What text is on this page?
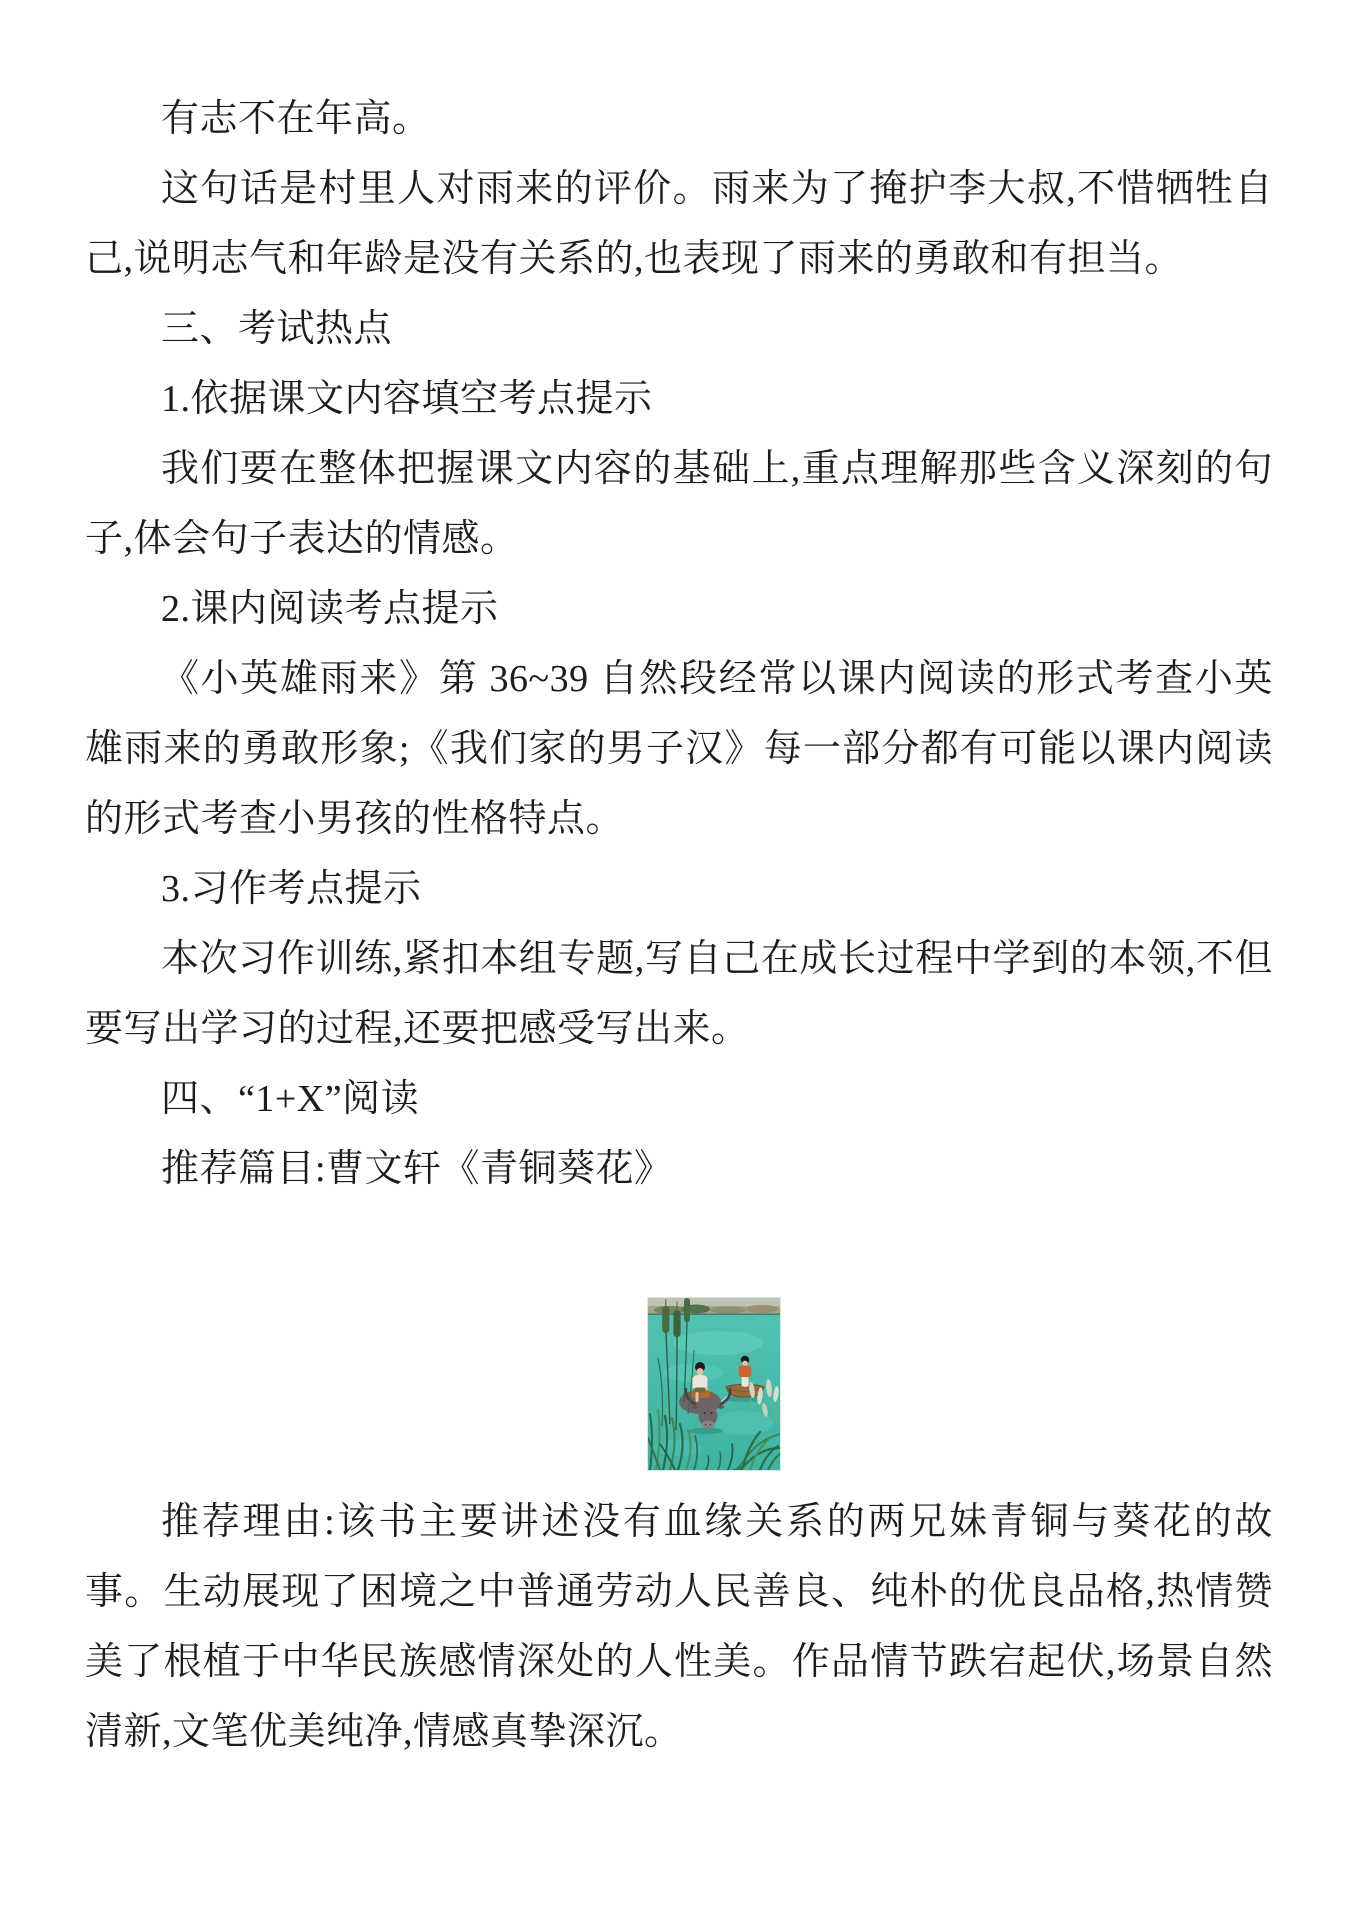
有志不在年高。

这句话是村里人对雨来的评价。雨来为了掩护李大叔,不惜牺牲自己,说明志气和年龄是没有关系的,也表现了雨来的勇敢和有担当。

三、考试热点

1.依据课文内容填空考点提示

我们要在整体把握课文内容的基础上,重点理解那些含义深刻的句子,体会句子表达的情感。

2.课内阅读考点提示

《小英雄雨来》第 36~39 自然段经常以课内阅读的形式考查小英雄雨来的勇敢形象;《我们家的男子汉》每一部分都有可能以课内阅读的形式考查小男孩的性格特点。

3.习作考点提示

本次习作训练,紧扣本组专题,写自己在成长过程中学到的本领,不但要写出学习的过程,还要把感受写出来。

四、“1+X”阅读

推荐篇目:曹文轩《青铜葵花》

推荐理由:该书主要讲述没有血缘关系的两兄妹青铜与葵花的故事。生动展现了困境之中普通劳动人民善良、纯朴的优良品格,热情赞美了根植于中华民族感情深处的人性美。作品情节跌宕起伏,场景自然清新,文笔优美纯净,情感真挚深沉。
